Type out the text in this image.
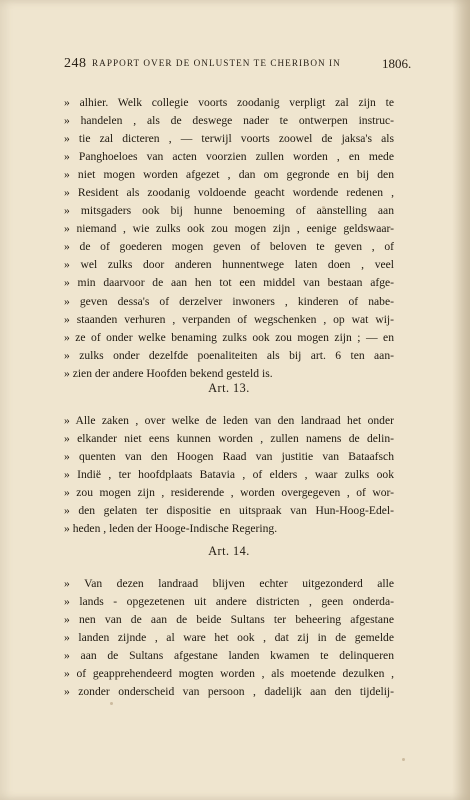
248 RAPPORT OVER DE ONLUSTEN TE CHERIBON IN	1806.
» alhier. Welk collegie voorts zoodanig verpligt zal zijn te
» handelen , als de deswege nader te ontwerpen instruc-
» tie zal dicteren , — terwijl voorts zoowel de jaksa's als
» Panghoeloes van acten voorzien zullen worden , en mede
» niet mogen worden afgezet , dan om gegronde en bij den
» Resident als zoodanig voldoende geacht wordende redenen ,
» mitsgaders ook bij hunne benoeming of aanstelling aan
» niemand , wie zulks ook zou mogen zijn , eenige geldswaar-
» de of goederen mogen geven of beloven te geven , of
» wel zulks door anderen hunnentwege laten doen , veel
» min daarvoor de aan hen tot een middel van bestaan afge-
» geven dessa's of derzelver inwoners , kinderen of nabe-
» staanden verhuren , verpanden of wegschenken , op wat wij-
» ze of onder welke benaming zulks ook zou mogen zijn ; — en
» zulks onder dezelfde poenaliteiten als bij art. 6 ten aan-
» zien der andere Hoofden bekend gesteld is.
Art. 13.
» Alle zaken , over welke de leden van den landraad het onder
» elkander niet eens kunnen worden , zullen namens de delin-
» quenten van den Hoogen Raad van justitie van Bataafsch
» Indië , ter hoofdplaats Batavia , of elders , waar zulks ook
» zou mogen zijn , residerende , worden overgegeven , of wor-
» den gelaten ter dispositie en uitspraak van Hun-Hoog-Edel-
» heden , leden der Hooge-Indische Regering.
Art. 14.
» Van dezen landraad blijven echter uitgezonderd alle
» lands - opgezetenen uit andere districten , geen onderda-
» nen van de aan de beide Sultans ter beheering afgestane
» landen zijnde , al ware het ook , dat zij in de gemelde
» aan de Sultans afgestane landen kwamen te delinqueren
» of geapprehendeerd mogten worden , als moetende dezulken ,
» zonder onderscheid van persoon , dadelijk aan den tijdelij-
